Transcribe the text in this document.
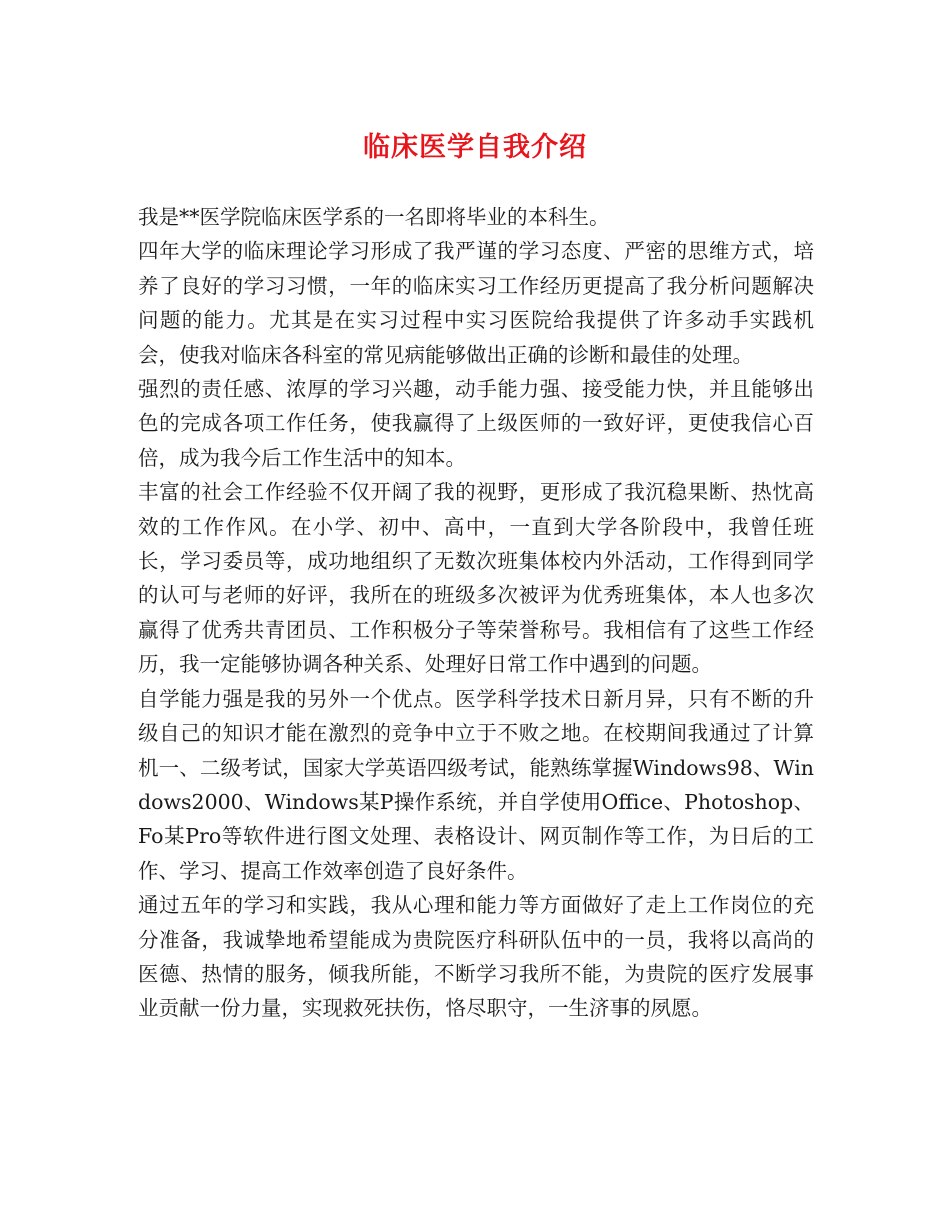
临床医学自我介绍

我是**医学院临床医学系的一名即将毕业的本科生。

四年大学的临床理论学习形成了我严谨的学习态度、严密的思维方式，培养了良好的学习习惯，一年的临床实习工作经历更提高了我分析问题解决问题的能力。尤其是在实习过程中实习医院给我提供了许多动手实践机会，使我对临床各科室的常见病能够做出正确的诊断和最佳的处理。

强烈的责任感、浓厚的学习兴趣，动手能力强、接受能力快，并且能够出色的完成各项工作任务，使我赢得了上级医师的一致好评，更使我信心百倍，成为我今后工作生活中的知本。

丰富的社会工作经验不仅开阔了我的视野，更形成了我沉稳果断、热忱高效的工作作风。在小学、初中、高中，一直到大学各阶段中，我曾任班长，学习委员等，成功地组织了无数次班集体校内外活动，工作得到同学的认可与老师的好评，我所在的班级多次被评为优秀班集体，本人也多次赢得了优秀共青团员、工作积极分子等荣誉称号。我相信有了这些工作经历，我一定能够协调各种关系、处理好日常工作中遇到的问题。

自学能力强是我的另外一个优点。医学科学技术日新月异，只有不断的升级自己的知识才能在激烈的竞争中立于不败之地。在校期间我通过了计算机一、二级考试，国家大学英语四级考试，能熟练掌握Windows98、Windows2000、Windows某P操作系统，并自学使用Office、Photoshop、Fo某Pro等软件进行图文处理、表格设计、网页制作等工作，为日后的工作、学习、提高工作效率创造了良好条件。

通过五年的学习和实践，我从心理和能力等方面做好了走上工作岗位的充分准备，我诚挚地希望能成为贵院医疗科研队伍中的一员，我将以高尚的医德、热情的服务，倾我所能，不断学习我所不能，为贵院的医疗发展事业贡献一份力量，实现救死扶伤，恪尽职守，一生济事的夙愿。
